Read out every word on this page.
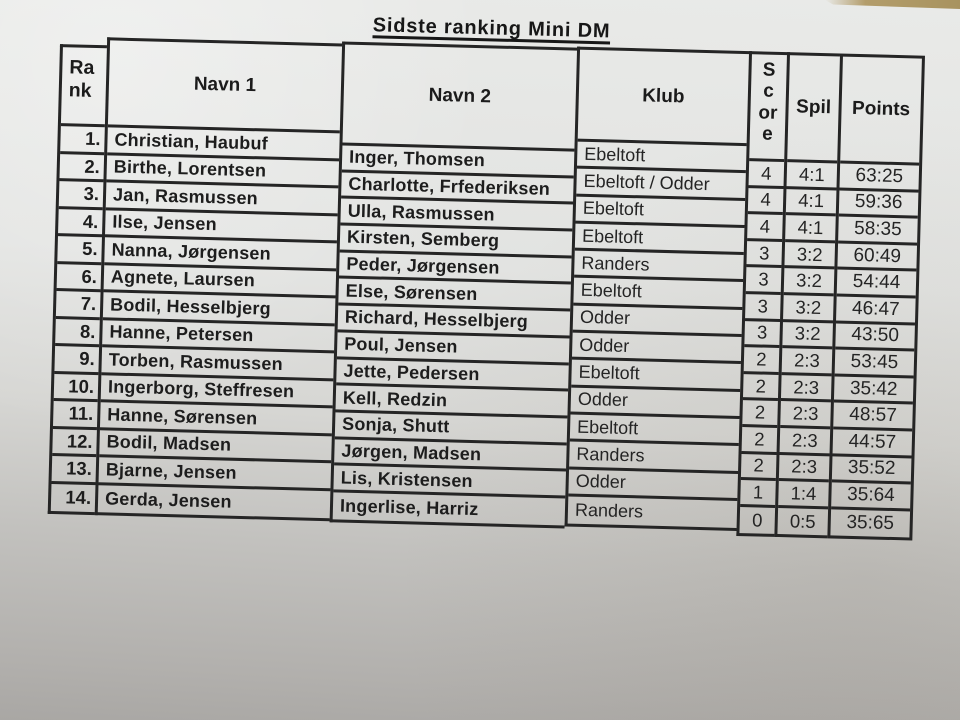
Sidste ranking Mini DM
Ra
nk
1.
2.
3.
4.
5.
6.
7.
8.
9.
10.
11.
12.
13.
14.
Navn 1
Christian, Haubuf
Birthe, Lorentsen
Jan, Rasmussen
Ilse, Jensen
Nanna, Jørgensen
Agnete, Laursen
Bodil, Hesselbjerg
Hanne, Petersen
Torben, Rasmussen
Ingerborg, Steffresen
Hanne, Sørensen
Bodil, Madsen
Bjarne, Jensen
Gerda, Jensen
Navn 2
Inger, Thomsen
Charlotte, Frfederiksen
Ulla, Rasmussen
Kirsten, Semberg
Peder, Jørgensen
Else, Sørensen
Richard, Hesselbjerg
Poul, Jensen
Jette, Pedersen
Kell, Redzin
Sonja, Shutt
Jørgen, Madsen
Lis, Kristensen
Ingerlise, Harriz
Klub
Ebeltoft
Ebeltoft / Odder
Ebeltoft
Ebeltoft
Randers
Ebeltoft
Odder
Odder
Ebeltoft
Odder
Ebeltoft
Randers
Odder
Randers
S
c
or
e
4
4
4
3
3
3
3
2
2
2
2
2
1
0
Spil
4:1
4:1
4:1
3:2
3:2
3:2
3:2
2:3
2:3
2:3
2:3
2:3
1:4
0:5
Points
63:25
59:36
58:35
60:49
54:44
46:47
43:50
53:45
35:42
48:57
44:57
35:52
35:64
35:65
